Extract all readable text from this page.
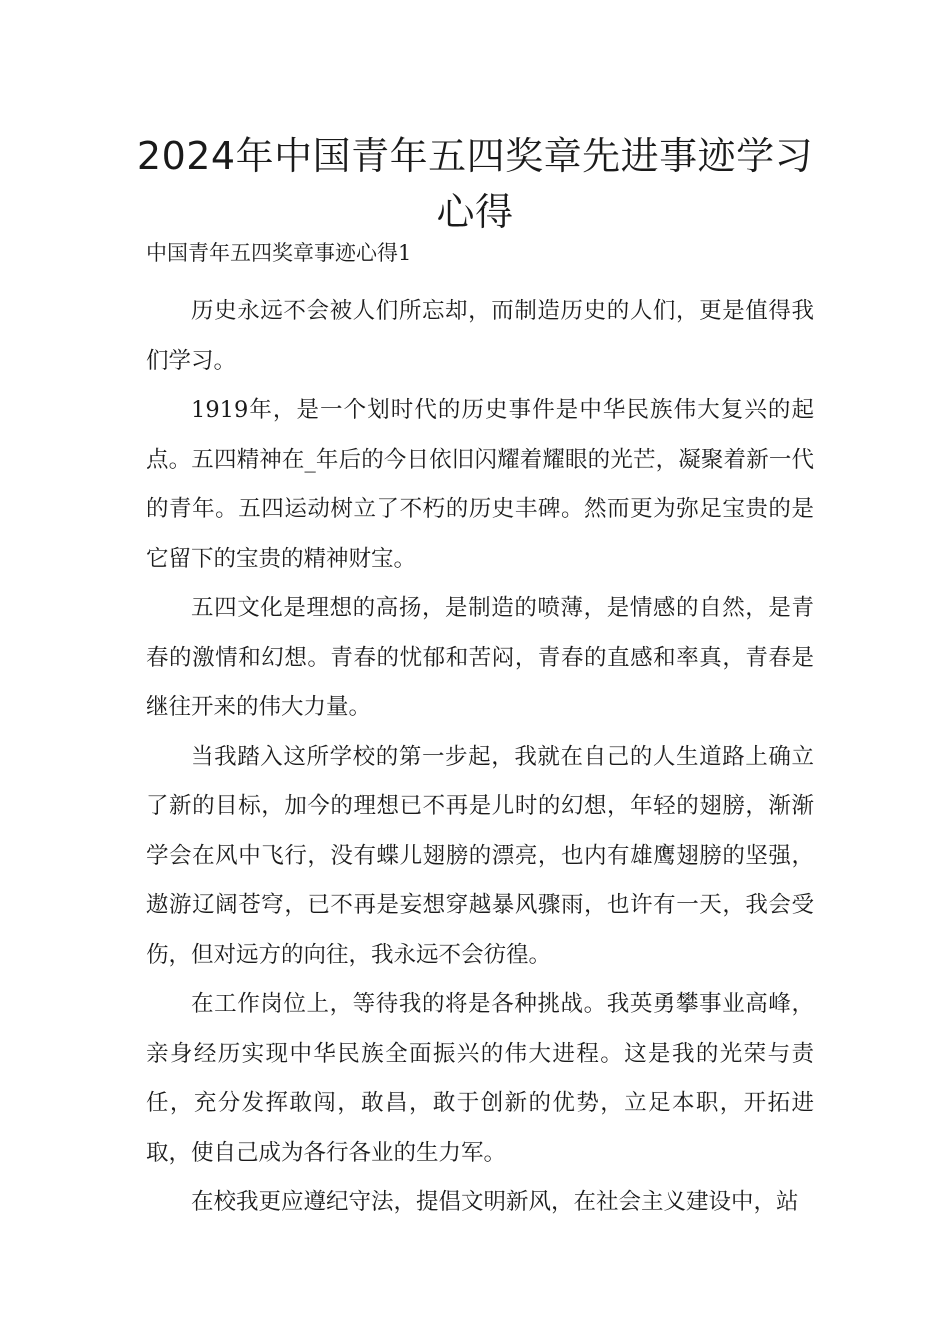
2024年中国青年五四奖章先进事迹学习心得
中国青年五四奖章事迹心得1

历史永远不会被人们所忘却，而制造历史的人们，更是值得我们学习。

1919年，是一个划时代的历史事件是中华民族伟大复兴的起点。五四精神在_年后的今日依旧闪耀着耀眼的光芒，凝聚着新一代的青年。五四运动树立了不朽的历史丰碑。然而更为弥足宝贵的是它留下的宝贵的精神财宝。

五四文化是理想的高扬，是制造的喷薄，是情感的自然，是青春的激情和幻想。青春的忧郁和苦闷，青春的直感和率真，青春是继往开来的伟大力量。

当我踏入这所学校的第一步起，我就在自己的人生道路上确立了新的目标，加今的理想已不再是儿时的幻想，年轻的翅膀，渐渐学会在风中飞行，没有蝶儿翅膀的漂亮，也内有雄鹰翅膀的坚强，遨游辽阔苍穹，已不再是妄想穿越暴风骤雨，也许有一天，我会受伤，但对远方的向往，我永远不会彷徨。

在工作岗位上，等待我的将是各种挑战。我英勇攀事业高峰，亲身经历实现中华民族全面振兴的伟大进程。这是我的光荣与责任，充分发挥敢闯，敢昌，敢于创新的优势，立足本职，开拓进取，使自己成为各行各业的生力军。

在校我更应遵纪守法，提倡文明新风，在社会主义建设中，站
